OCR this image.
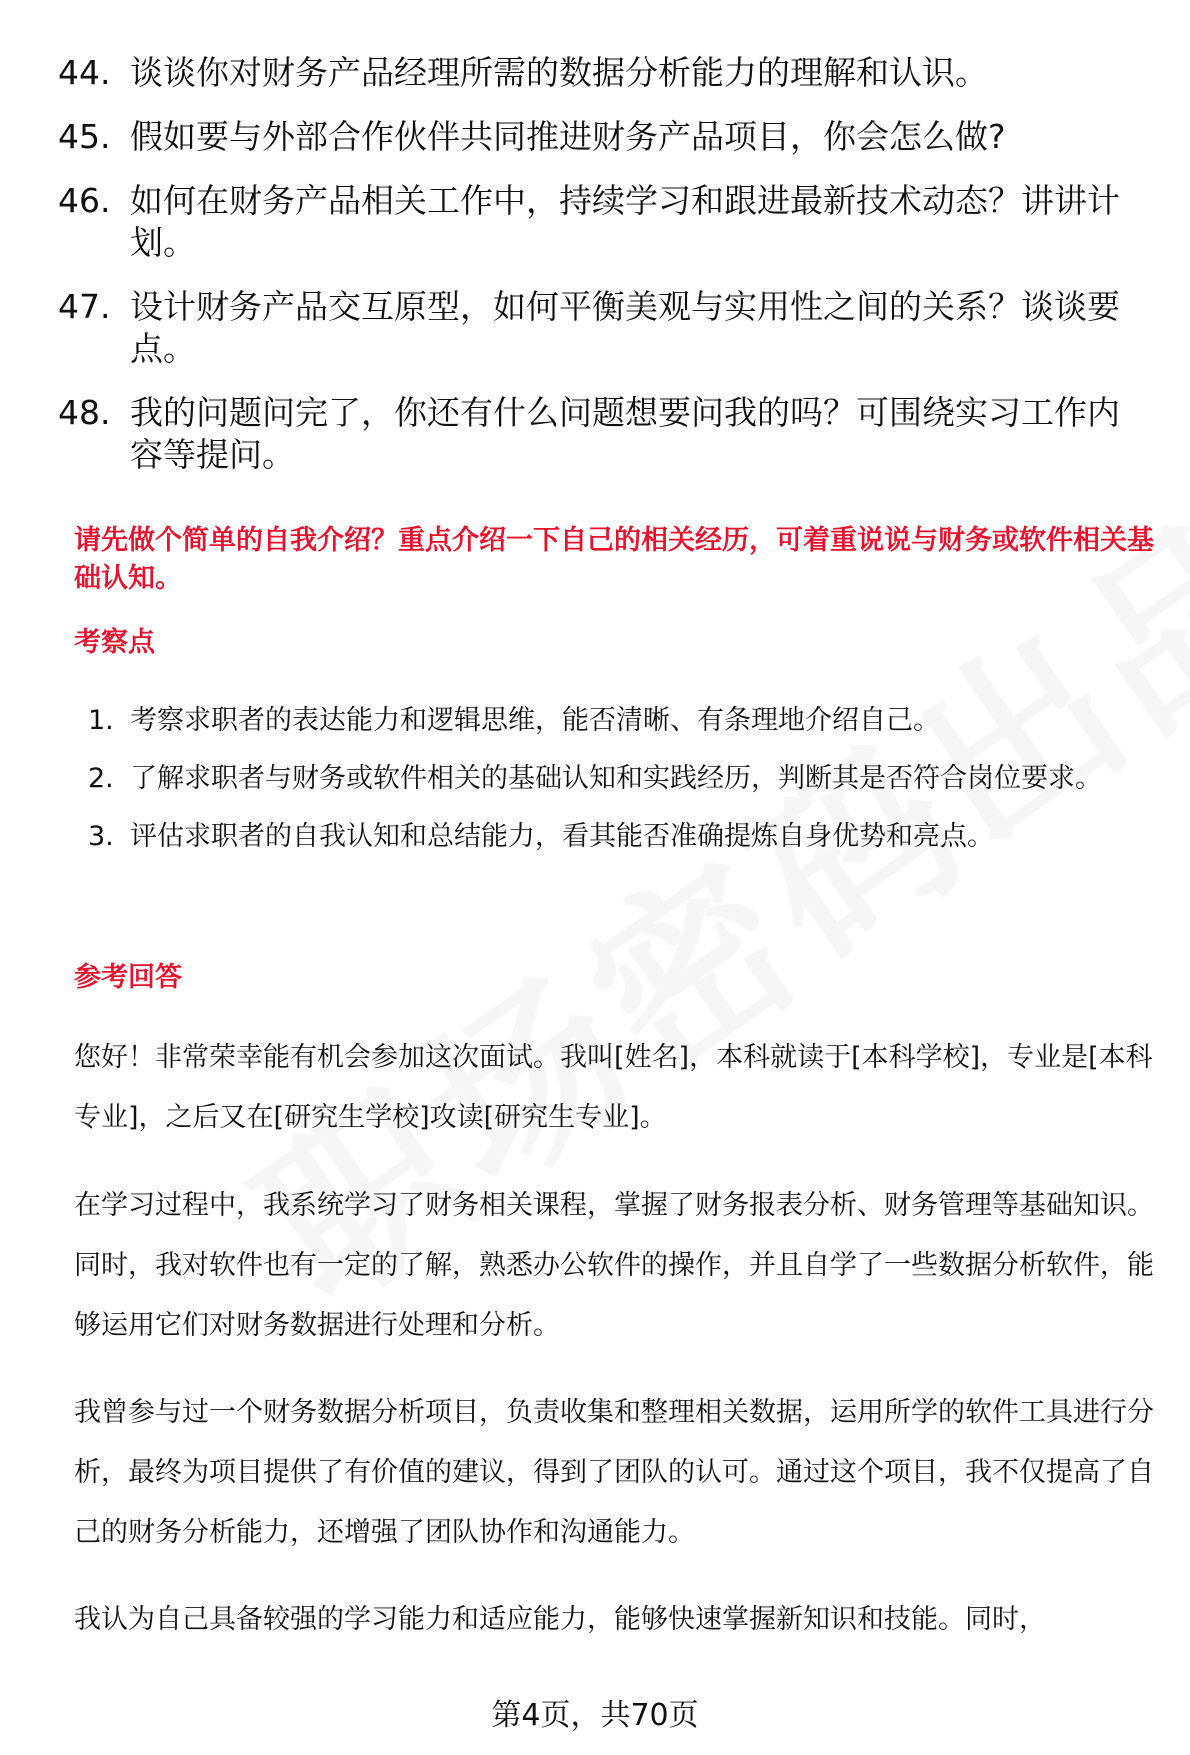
44. 谈谈你对财务产品经理所需的数据分析能力的理解和认识。
45. 假如要与外部合作伙伴共同推进财务产品项目，你会怎么做?
46. 如何在财务产品相关工作中，持续学习和跟进最新技术动态？讲讲计划。
47. 设计财务产品交互原型，如何平衡美观与实用性之间的关系？谈谈要点。
48. 我的问题问完了，你还有什么问题想要问我的吗？可围绕实习工作内容等提问。

请先做个简单的自我介绍？重点介绍一下自己的相关经历，可着重说说与财务或软件相关基础认知。

考察点
1. 考察求职者的表达能力和逻辑思维，能否清晰、有条理地介绍自己。
2. 了解求职者与财务或软件相关的基础认知和实践经历，判断其是否符合岗位要求。
3. 评估求职者的自我认知和总结能力，看其能否准确提炼自身优势和亮点。
参考回答

您好！非常荣幸能有机会参加这次面试。我叫[姓名]，本科就读于[本科学校]，专业是[本科专业]，之后又在[研究生学校]攻读[研究生专业]。

在学习过程中，我系统学习了财务相关课程，掌握了财务报表分析、财务管理等基础知识。同时，我对软件也有一定的了解，熟悉办公软件的操作，并且自学了一些数据分析软件，能够运用它们对财务数据进行处理和分析。

我曾参与过一个财务数据分析项目，负责收集和整理相关数据，运用所学的软件工具进行分析，最终为项目提供了有价值的建议，得到了团队的认可。通过这个项目，我不仅提高了自己的财务分析能力，还增强了团队协作和沟通能力。

我认为自己具备较强的学习能力和适应能力，能够快速掌握新知识和技能。同时，

第4页，共70页
